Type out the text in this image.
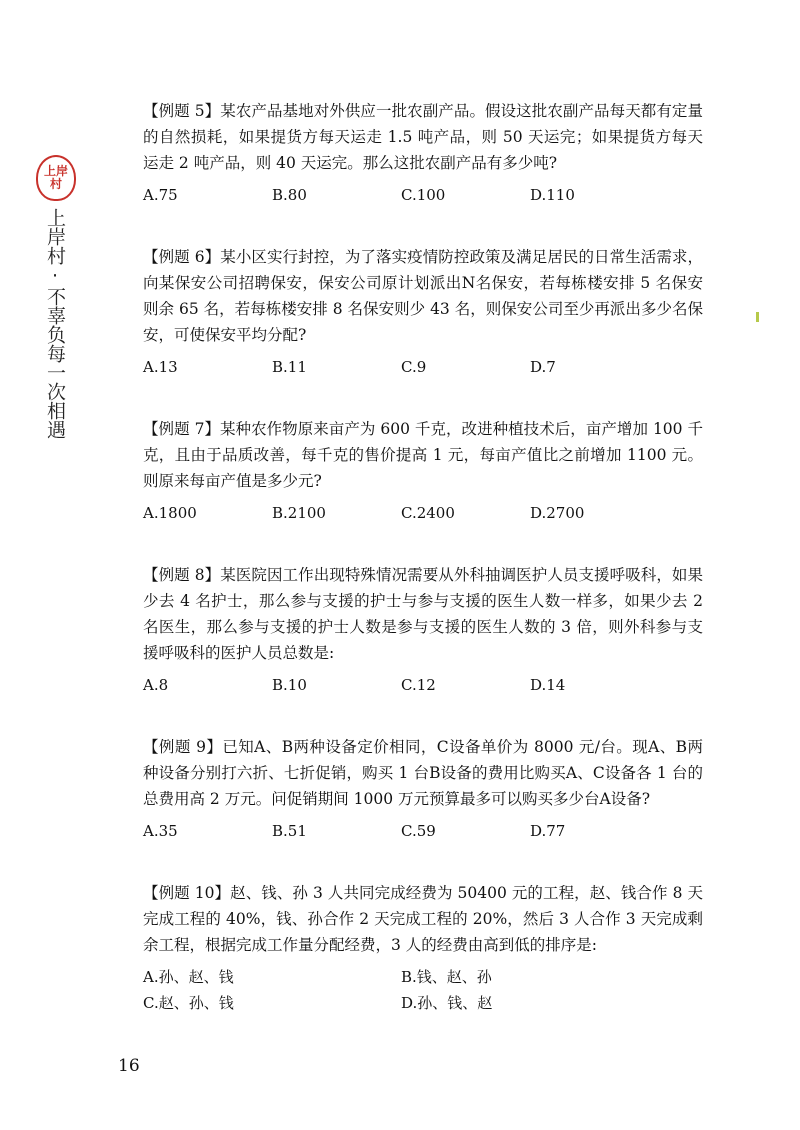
上岸
村
上岸村·不辜负每一次相遇
【例题 5】某农产品基地对外供应一批农副产品。假设这批农副产品每天都有定量的自然损耗，如果提货方每天运走 1.5 吨产品，则 50 天运完；如果提货方每天运走 2 吨产品，则 40 天运完。那么这批农副产品有多少吨?
A.75	B.80	C.100	D.110
【例题 6】某小区实行封控，为了落实疫情防控政策及满足居民的日常生活需求，向某保安公司招聘保安，保安公司原计划派出N名保安，若每栋楼安排 5 名保安则余 65 名，若每栋楼安排 8 名保安则少 43 名，则保安公司至少再派出多少名保安，可使保安平均分配?
A.13	B.11	C.9	D.7
【例题 7】某种农作物原来亩产为 600 千克，改进种植技术后，亩产增加 100 千克，且由于品质改善，每千克的售价提高 1 元，每亩产值比之前增加 1100 元。则原来每亩产值是多少元?
A.1800	B.2100	C.2400	D.2700
【例题 8】某医院因工作出现特殊情况需要从外科抽调医护人员支援呼吸科，如果少去 4 名护士，那么参与支援的护士与参与支援的医生人数一样多，如果少去 2 名医生，那么参与支援的护士人数是参与支援的医生人数的 3 倍，则外科参与支援呼吸科的医护人员总数是:
A.8	B.10	C.12	D.14
【例题 9】已知A、B两种设备定价相同，C设备单价为 8000 元/台。现A、B两种设备分别打六折、七折促销，购买 1 台B设备的费用比购买A、C设备各 1 台的总费用高 2 万元。问促销期间 1000 万元预算最多可以购买多少台A设备?
A.35	B.51	C.59	D.77
【例题 10】赵、钱、孙 3 人共同完成经费为 50400 元的工程，赵、钱合作 8 天完成工程的 40%，钱、孙合作 2 天完成工程的 20%，然后 3 人合作 3 天完成剩余工程，根据完成工作量分配经费，3 人的经费由高到低的排序是:
A.孙、赵、钱	B.钱、赵、孙
C.赵、孙、钱	D.孙、钱、赵
16
